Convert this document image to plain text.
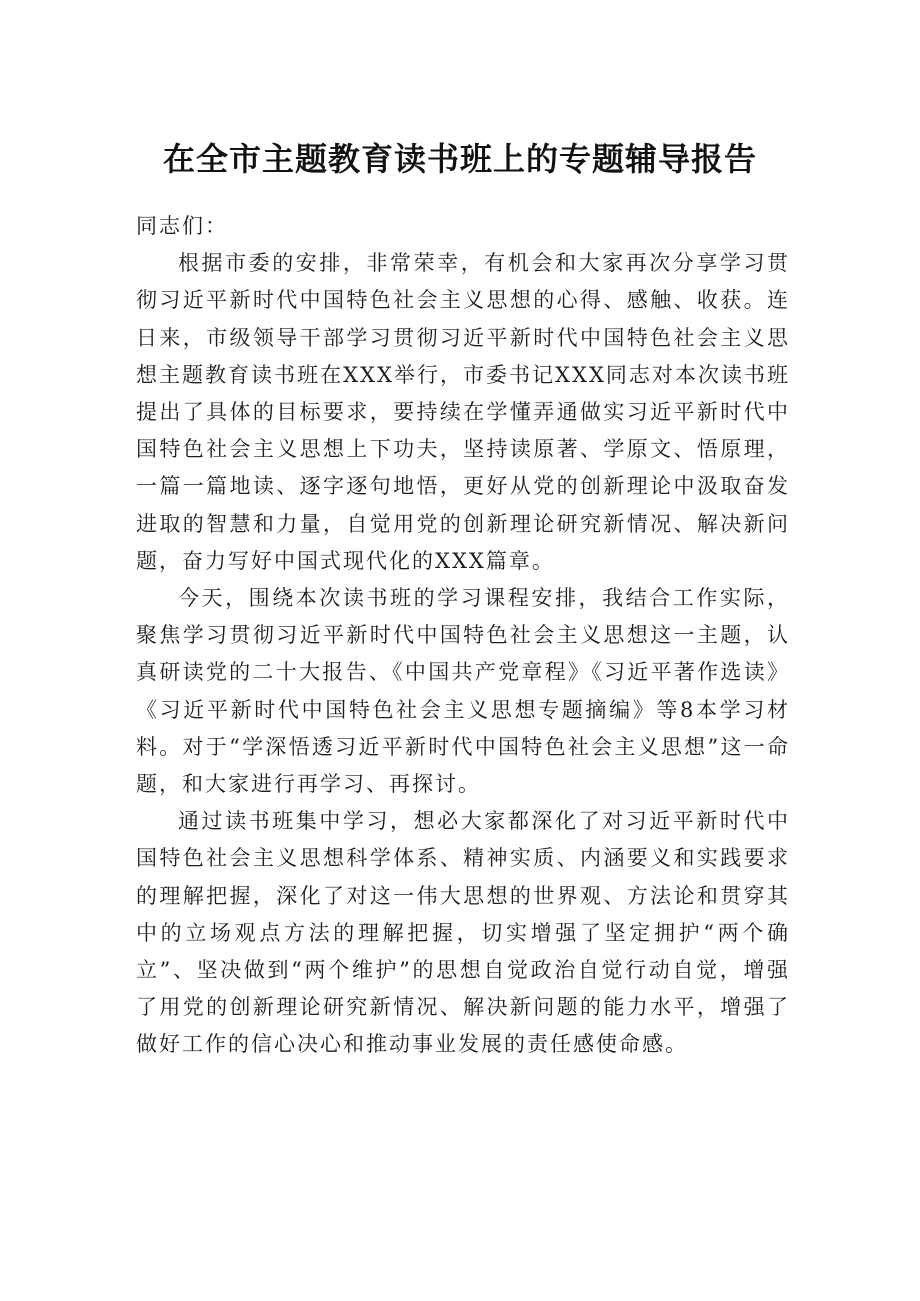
在全市主题教育读书班上的专题辅导报告

同志们：

根据市委的安排，非常荣幸，有机会和大家再次分享学习贯彻习近平新时代中国特色社会主义思想的心得、感触、收获。连日来，市级领导干部学习贯彻习近平新时代中国特色社会主义思想主题教育读书班在XXX举行，市委书记XXX同志对本次读书班提出了具体的目标要求，要持续在学懂弄通做实习近平新时代中国特色社会主义思想上下功夫，坚持读原著、学原文、悟原理，一篇一篇地读、逐字逐句地悟，更好从党的创新理论中汲取奋发进取的智慧和力量，自觉用党的创新理论研究新情况、解决新问题，奋力写好中国式现代化的XXX篇章。

今天，围绕本次读书班的学习课程安排，我结合工作实际，聚焦学习贯彻习近平新时代中国特色社会主义思想这一主题，认真研读党的二十大报告、《中国共产党章程》《习近平著作选读》《习近平新时代中国特色社会主义思想专题摘编》等8本学习材料。对于“学深悟透习近平新时代中国特色社会主义思想”这一命题，和大家进行再学习、再探讨。

通过读书班集中学习，想必大家都深化了对习近平新时代中国特色社会主义思想科学体系、精神实质、内涵要义和实践要求的理解把握，深化了对这一伟大思想的世界观、方法论和贯穿其中的立场观点方法的理解把握，切实增强了坚定拥护“两个确立”、坚决做到“两个维护”的思想自觉政治自觉行动自觉，增强了用党的创新理论研究新情况、解决新问题的能力水平，增强了做好工作的信心决心和推动事业发展的责任感使命感。
